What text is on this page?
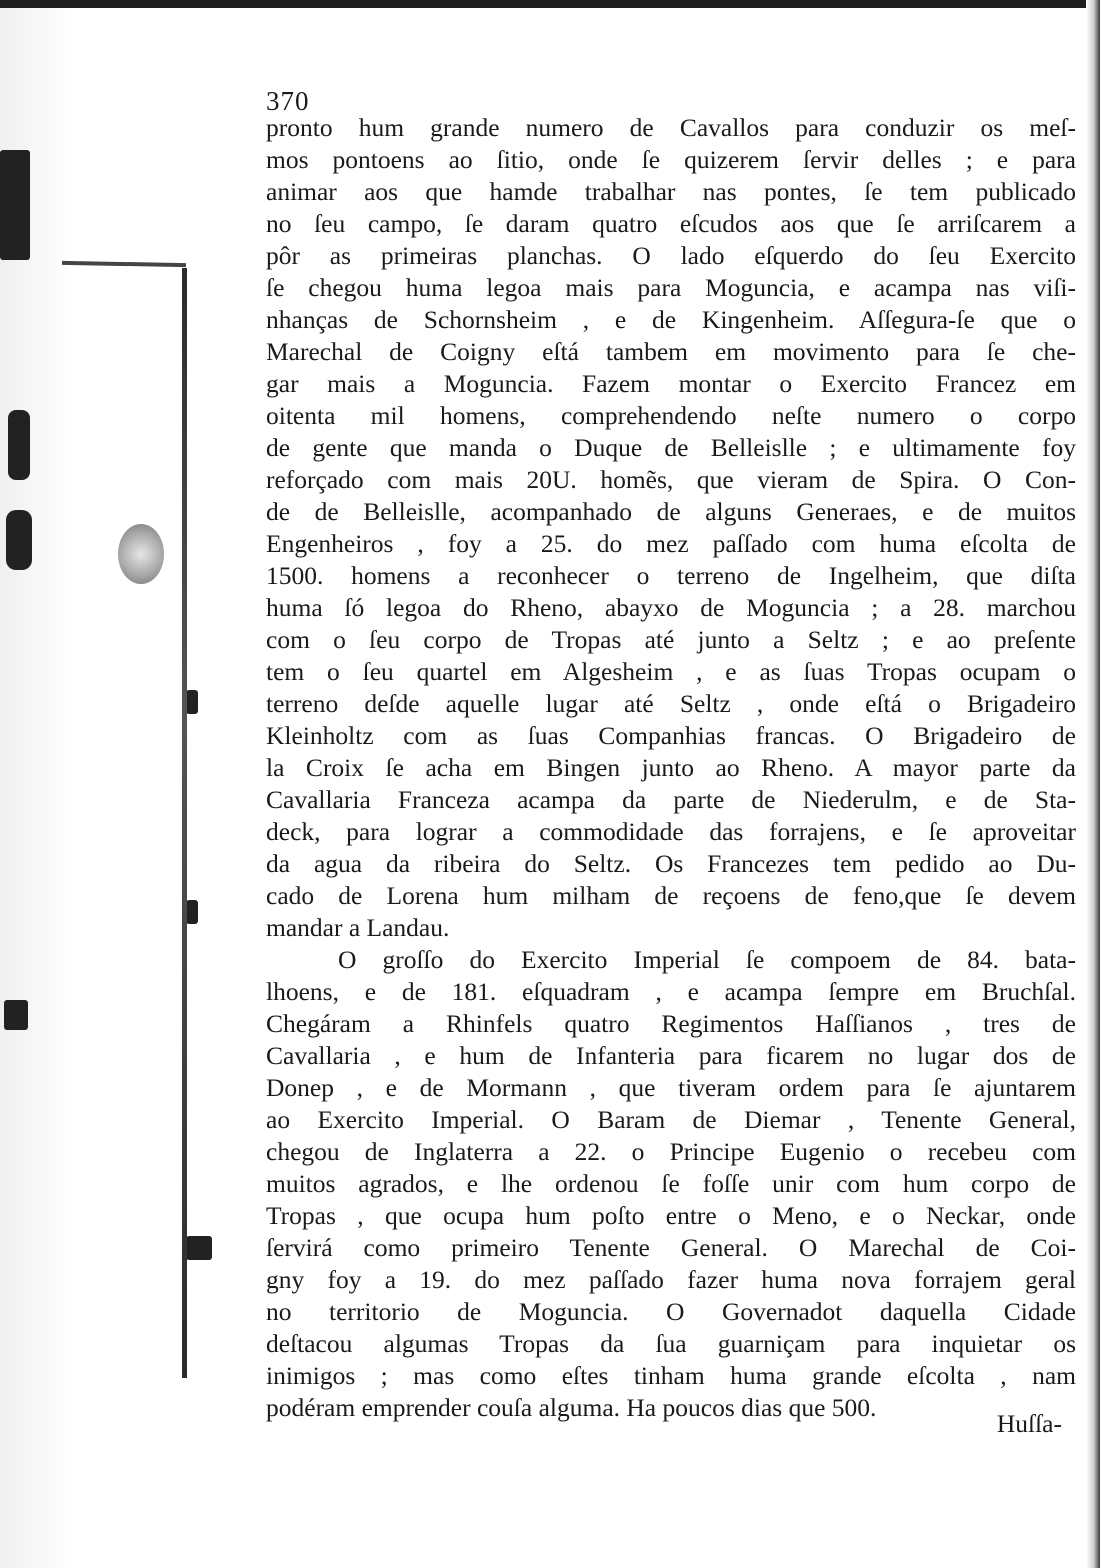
370
pronto hum grande numero de Cavallos para conduzir os meſ-
mos pontoens ao ſitio, onde ſe quizerem ſervir delles ; e para
animar aos que hamde trabalhar nas pontes, ſe tem publicado
no ſeu campo, ſe daram quatro eſcudos aos que ſe arriſcarem a
pôr as primeiras planchas. O lado eſquerdo do ſeu Exercito
ſe chegou huma legoa mais para Moguncia, e acampa nas viſi-
nhanças de Schornsheim , e de Kingenheim. Aſſegura-ſe que o
Marechal de Coigny eſtá tambem em movimento para ſe che-
gar mais a Moguncia. Fazem montar o Exercito Francez em
oitenta mil homens, comprehendendo neſte numero o corpo
de gente que manda o Duque de Belleislle ; e ultimamente foy
reforçado com mais 20U. homẽs, que vieram de Spira. O Con-
de de Belleislle, acompanhado de alguns Generaes, e de muitos
Engenheiros , foy a 25. do mez paſſado com huma eſcolta de
1500. homens a reconhecer o terreno de Ingelheim, que diſta
huma ſó legoa do Rheno, abayxo de Moguncia ; a 28. marchou
com o ſeu corpo de Tropas até junto a Seltz ; e ao preſente
tem o ſeu quartel em Algesheim , e as ſuas Tropas ocupam o
terreno deſde aquelle lugar até Seltz , onde eſtá o Brigadeiro
Kleinholtz com as ſuas Companhias francas. O Brigadeiro de
la Croix ſe acha em Bingen junto ao Rheno. A mayor parte da
Cavallaria Franceza acampa da parte de Niederulm, e de Sta-
deck, para lograr a commodidade das forrajens, e ſe aproveitar
da agua da ribeira do Seltz. Os Francezes tem pedido ao Du-
cado de Lorena hum milham de reçoens de feno,que ſe devem
mandar a Landau.
O groſſo do Exercito Imperial ſe compoem de 84. bata-
lhoens, e de 181. eſquadram , e acampa ſempre em Bruchſal.
Chegáram a Rhinfels quatro Regimentos Haſſianos , tres de
Cavallaria , e hum de Infanteria para ficarem no lugar dos de
Donep , e de Mormann , que tiveram ordem para ſe ajuntarem
ao Exercito Imperial. O Baram de Diemar , Tenente General,
chegou de Inglaterra a 22. o Principe Eugenio o recebeu com
muitos agrados, e lhe ordenou ſe foſſe unir com hum corpo de
Tropas , que ocupa hum poſto entre o Meno, e o Neckar, onde
ſervirá como primeiro Tenente General. O Marechal de Coi-
gny foy a 19. do mez paſſado fazer huma nova forrajem geral
no territorio de Moguncia. O Governadot daquella Cidade
deſtacou algumas Tropas da ſua guarniçam para inquietar os
inimigos ; mas como eſtes tinham huma grande eſcolta , nam
podéram emprender couſa alguma. Ha poucos dias que 500.
Huſſa-
